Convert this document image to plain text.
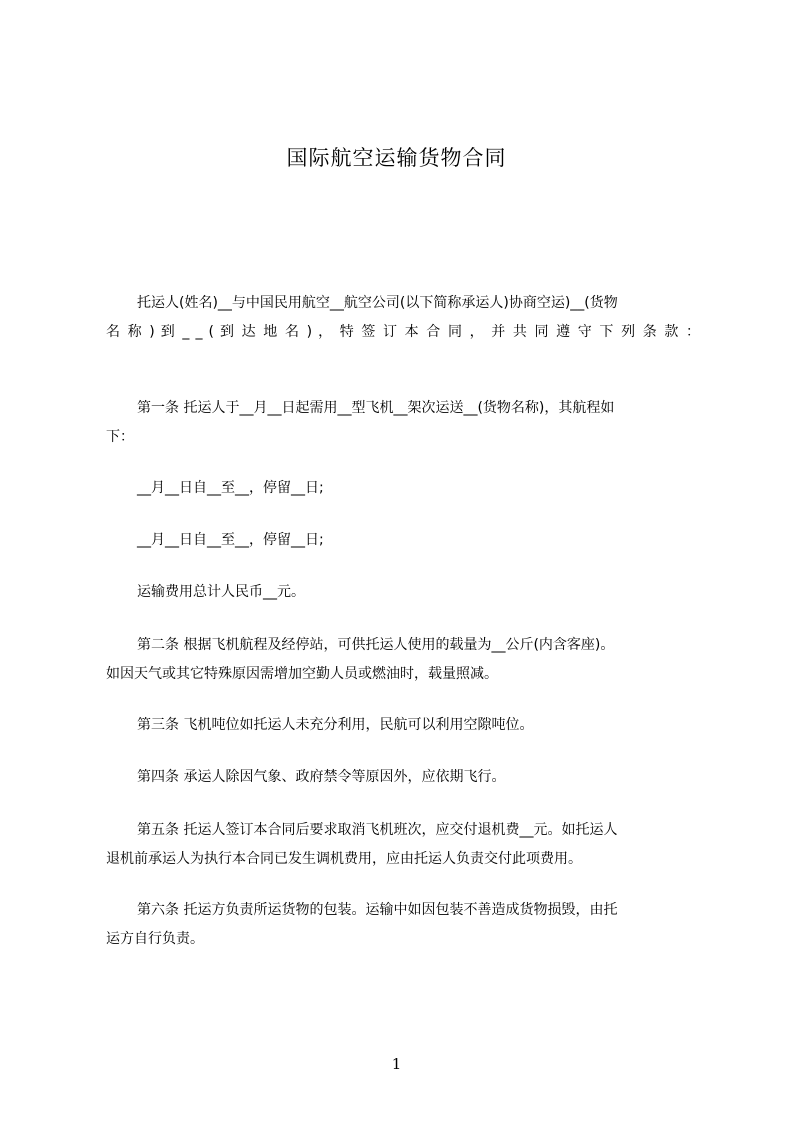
国际航空运输货物合同
托运人(姓名)__与中国民用航空__航空公司(以下简称承运人)协商空运)__(货物
名 称 ) 到 _ _ ( 到 达 地 名 ) ， 特 签 订 本 合 同 ， 并 共 同 遵 守 下 列 条 款 ：
第一条 托运人于__月__日起需用__型飞机__架次运送__(货物名称)，其航程如
下：
__月__日自__至__，停留__日;
__月__日自__至__，停留__日;
运输费用总计人民币__元。
第二条 根据飞机航程及经停站，可供托运人使用的载量为__公斤(内含客座)。
如因天气或其它特殊原因需增加空勤人员或燃油时，载量照减。
第三条 飞机吨位如托运人未充分利用，民航可以利用空隙吨位。
第四条 承运人除因气象、政府禁令等原因外，应依期飞行。
第五条 托运人签订本合同后要求取消飞机班次，应交付退机费__元。如托运人
退机前承运人为执行本合同已发生调机费用，应由托运人负责交付此项费用。
第六条 托运方负责所运货物的包装。运输中如因包装不善造成货物损毁，由托
运方自行负责。
1
